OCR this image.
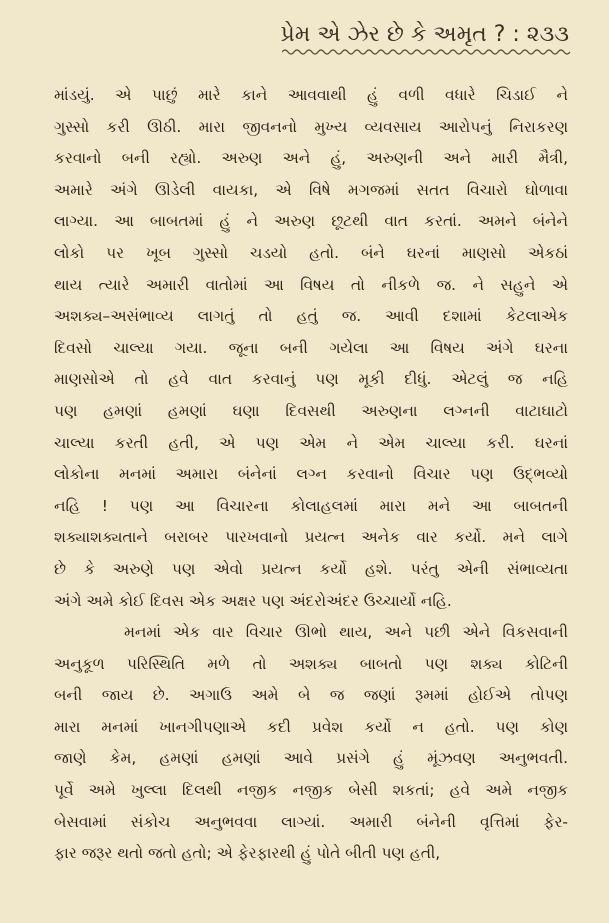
પ્રેમ એ ઝેર છે કે અમૃત ? : ૨૩૩
માંડયું. એ પાછું મારે કાને આવવાથી હું વળી વધારે ચિડાઈ ને
ગુસ્સો કરી ઊઠી. મારા જીવનનો મુખ્ય વ્યવસાય આરોપનું નિરાકરણ
કરવાનો બની રહ્યો. અરુણ અને હું, અરુણની અને મારી મૈત્રી,
અમારે અંગે ઊડેલી વાયકા, એ વિષે મગજમાં સતત વિચારો ઘોળાવા
લાગ્યા. આ બાબતમાં હું ને અરુણ છૂટથી વાત કરતાં. અમને બંનેને
લોકો પર ખૂબ ગુસ્સો ચડયો હતો. બંને ઘરનાં માણસો એકઠાં
થાય ત્યારે અમારી વાતોમાં આ વિષય તો નીકળે જ. ને સહુને એ
અશક્ય–અસંભાવ્ય લાગતું તો હતું જ. આવી દશામાં કેટલાએક
દિવસો ચાલ્યા ગયા. જૂના બની ગયેલા આ વિષય અંગે ઘરના
માણસોએ તો હવે વાત કરવાનું પણ મૂકી દીધું. એટલું જ નહિ
પણ હમણાં હમણાં ઘણા દિવસથી અરુણના લગ્નની વાટાઘાટો
ચાલ્યા કરતી હતી, એ પણ એમ ને એમ ચાલ્યા કરી. ઘરનાં
લોકોના મનમાં અમારા બંનેનાં લગ્ન કરવાનો વિચાર પણ ઉદ્ભવ્યો
નહિ ! પણ આ વિચારના કોલાહલમાં મારા મને આ બાબતની
શક્યાશક્યતાને બરાબર પારખવાનો પ્રયત્ન અનેક વાર કર્યો. મને લાગે
છે કે અરુણે પણ એવો પ્રયત્ન કર્યો હશે. પરંતુ એની સંભાવ્યતા
અંગે અમે કોઈ દિવસ એક અક્ષર પણ અંદરોઅંદર ઉચ્ચાર્યો નહિ.
મનમાં એક વાર વિચાર ઊભો થાય, અને પછી એને વિકસવાની
અનુકૂળ પરિસ્થિતિ મળે તો અશક્ય બાબતો પણ શક્ય કોટિની
બની જાય છે. અગાઉ અમે બે જ જણાં રૂમમાં હોઈએ તોપણ
મારા મનમાં ખાનગીપણાએ કદી પ્રવેશ કર્યો ન હતો. પણ કોણ
જાણે કેમ, હમણાં હમણાં આવે પ્રસંગે હું મૂંઝવણ અનુભવતી.
પૂર્વે અમે ખુલ્લા દિલથી નજીક નજીક બેસી શકતાં; હવે અમે નજીક
બેસવામાં સંકોચ અનુભવવા લાગ્યાં. અમારી બંનેની વૃત્તિમાં ફેર-
ફાર જરૂર થતો જતો હતો; એ ફેરફારથી હું પોતે બીતી પણ હતી,
